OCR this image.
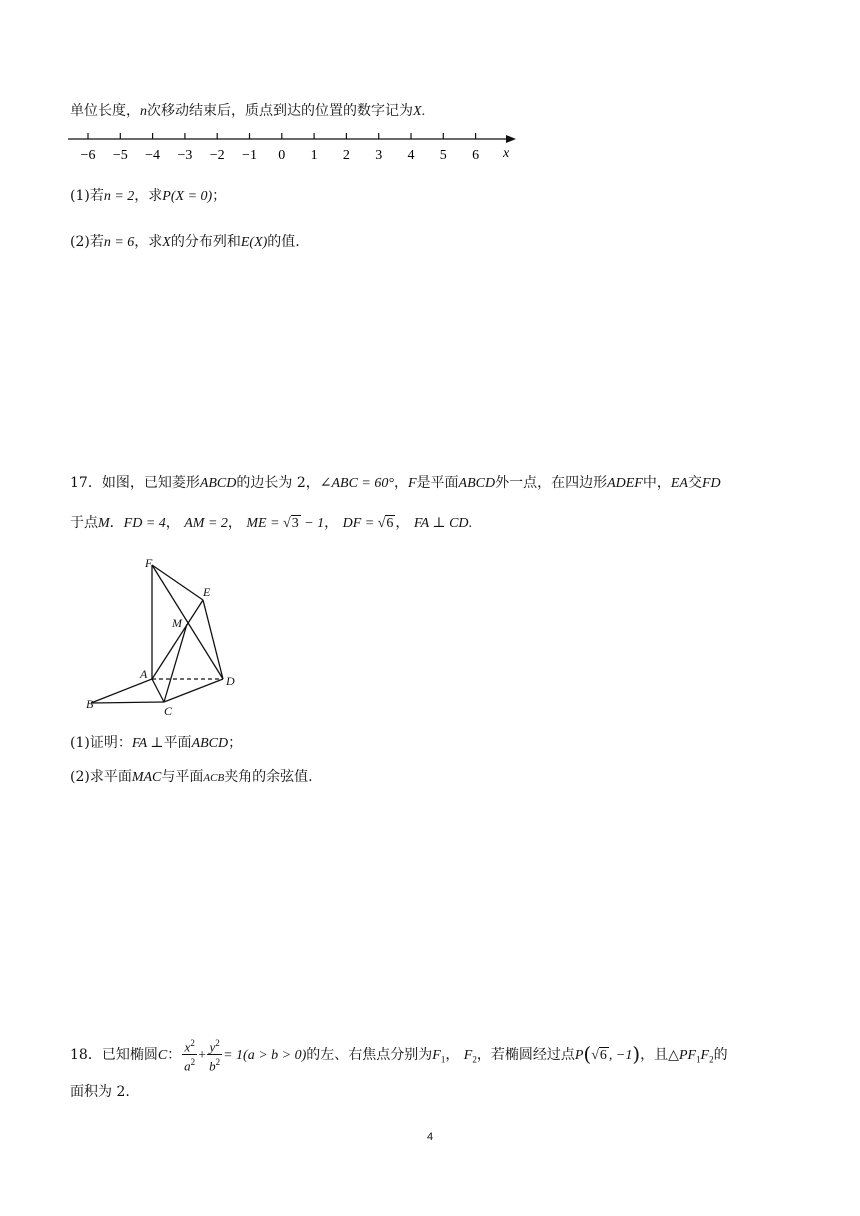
单位长度，n次移动结束后，质点到达的位置的数字记为X.
−6 −5 −4 −3 −2 −1 0 1 2 3 4 5 6 x
(1)若n = 2，求P(X = 0)；
(2)若n = 6，求X的分布列和E(X)的值.
17．如图，已知菱形ABCD的边长为 2，∠ABC = 60°，F是平面ABCD外一点，在四边形ADEF中，EA交FD
于点M．FD = 4， AM = 2， ME = √3 − 1， DF = √6 ， FA ⊥ CD.
F
E
M
A	D
B	C
(1)证明：FA ⊥平面ABCD；
(2)求平面MAC与平面ACB夹角的余弦值.
18．已知椭圆C： $\frac{x^2}{a^2} + \frac{y^2}{b^2} = 1(a > b > 0)$的左、右焦点分别为$F_1$， $F_2$，若椭圆经过点P(√6 , −1)，且$\triangle PF_1F_2$的
面积为 2.
4
